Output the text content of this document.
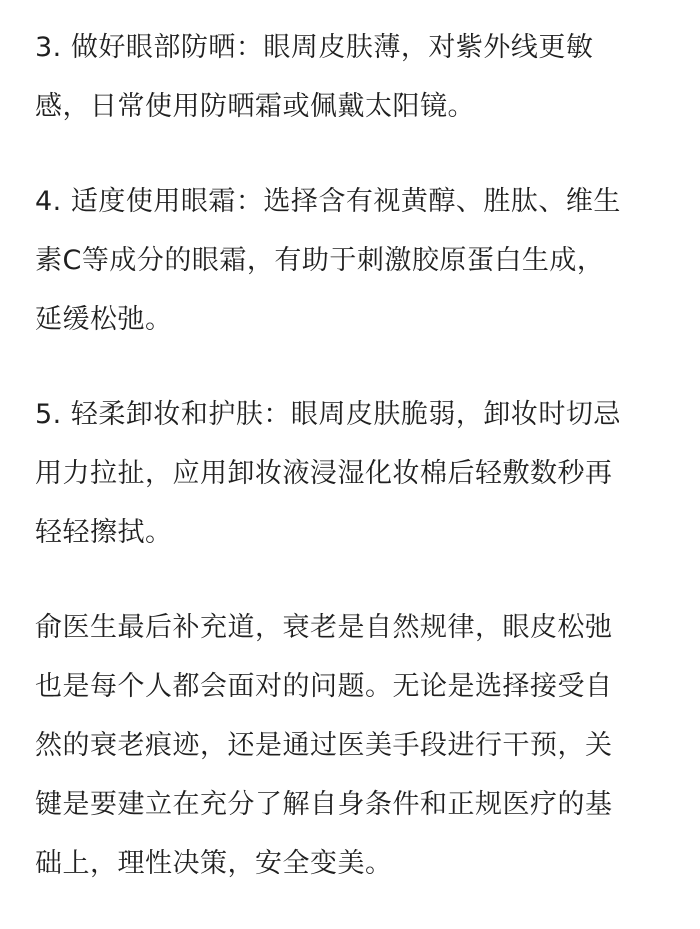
3. 做好眼部防晒：眼周皮肤薄，对紫外线更敏
感，日常使用防晒霜或佩戴太阳镜。

4. 适度使用眼霜：选择含有视黄醇、胜肽、维生
素C等成分的眼霜，有助于刺激胶原蛋白生成，
延缓松弛。

5. 轻柔卸妆和护肤：眼周皮肤脆弱，卸妆时切忌
用力拉扯，应用卸妆液浸湿化妆棉后轻敷数秒再
轻轻擦拭。

俞医生最后补充道，衰老是自然规律，眼皮松弛
也是每个人都会面对的问题。无论是选择接受自
然的衰老痕迹，还是通过医美手段进行干预，关
键是要建立在充分了解自身条件和正规医疗的基
础上，理性决策，安全变美。
